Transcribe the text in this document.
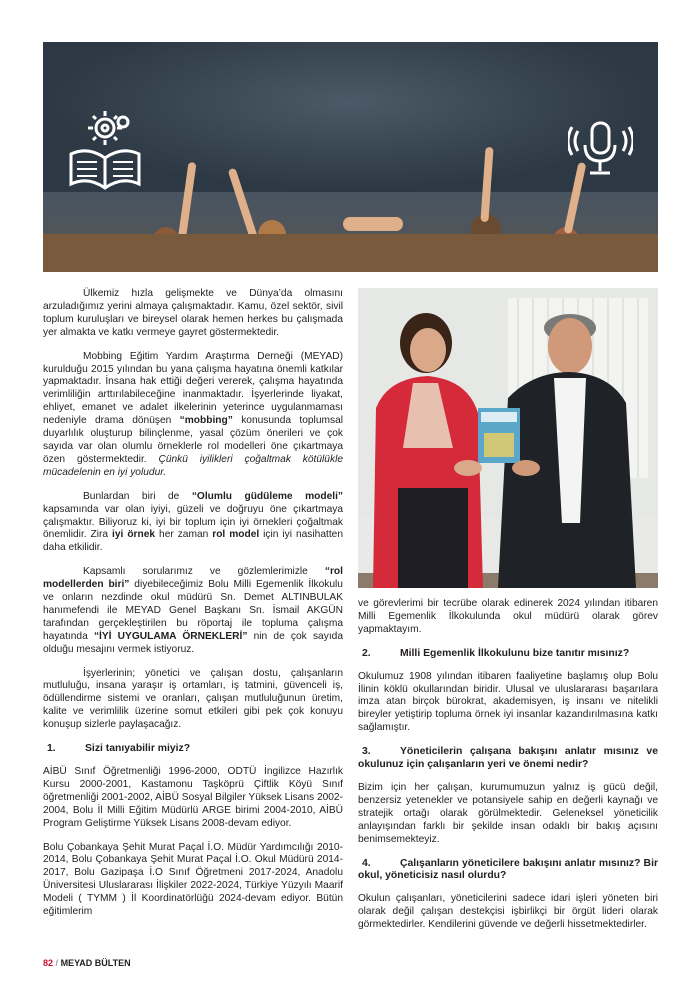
Ülkemiz hızla gelişmekte ve Dünya’da olmasını arzuladığımız yerini almaya çalışmaktadır. Kamu, özel sektör, sivil toplum kuruluşları ve bireysel olarak hemen herkes bu çalışmada yer almakta ve katkı vermeye gayret göstermektedir.

Mobbing Eğitim Yardım Araştırma Derneği (MEYAD) kurulduğu 2015 yılından bu yana çalışma hayatına önemli katkılar yapmaktadır. İnsana hak ettiği değeri vererek, çalışma hayatında verimliliğin arttırılabileceğine inanmaktadır. İşyerlerinde liyakat, ehliyet, emanet ve adalet ilkelerinin yeterince uygulanmaması nedeniyle drama dönüşen “mobbing” konusunda toplumsal duyarlılık oluşturup bilinçlenme, yasal çözüm önerileri ve çok sayıda var olan olumlu örneklerle rol modelleri öne çıkartmaya özen göstermektedir. Çünkü iyilikleri çoğaltmak kötülükle mücadelenin en iyi yoludur.

Bunlardan biri de “Olumlu güdüleme modeli” kapsamında var olan iyiyi, güzeli ve doğruyu öne çıkartmaya çalışmaktır. Biliyoruz ki, iyi bir toplum için iyi örnekleri çoğaltmak önemlidir. Zira iyi örnek her zaman rol model için iyi nasihatten daha etkilidir.

Kapsamlı sorularımız ve gözlemlerimizle “rol modellerden biri” diyebileceğimiz Bolu Milli Egemenlik İlkokulu ve onların nezdinde okul müdürü Sn. Demet ALTINBULAK hanımefendi ile MEYAD Genel Başkanı Sn. İsmail AKGÜN tarafından gerçekleştirilen bu röportaj ile topluma çalışma hayatında “İYİ UYGULAMA ÖRNEKLERİ” nin de çok sayıda olduğu mesajını vermek istiyoruz.

İşyerlerinin; yönetici ve çalışan dostu, çalışanların mutluluğu, insana yaraşır iş ortamları, iş tatmini, güvenceli iş, ödüllendirme sistemi ve oranları, çalışan mutluluğunun üretim, kalite ve verimlilik üzerine somut etkileri gibi pek çok konuyu konuşup sizlerle paylaşacağız.

1.	Sizi tanıyabilir miyiz?

AİBÜ Sınıf Öğretmenliği 1996-2000, ODTÜ İngilizce Hazırlık Kursu 2000-2001, Kastamonu Taşköprü Çiftlik Köyü Sınıf öğretmenliği 2001-2002, AİBÜ Sosyal Bilgiler Yüksek Lisans 2002-2004, Bolu İl Milli Eğitim Müdürlü ARGE birimi 2004-2010, AİBÜ Program Geliştirme Yüksek Lisans 2008-devam ediyor.

Bolu Çobankaya Şehit Murat Paçal İ.O. Müdür Yardımcılığı 2010-2014, Bolu Çobankaya Şehit Murat Paçal İ.O. Okul Müdürü 2014-2017, Bolu Gazipaşa İ.O Sınıf Öğretmeni 2017-2024, Anadolu Üniversitesi Uluslararası İlişkiler 2022-2024, Türkiye Yüzyılı Maarif Modeli ( TYMM ) İl Koordinatörlüğü 2024-devam ediyor. Bütün eğitimlerim

ve görevlerimi bir tecrübe olarak edinerek 2024 yılından itibaren Milli Egemenlik İlkokulunda okul müdürü olarak görev yapmaktayım.

2.	Milli Egemenlik İlkokulunu bize tanıtır mısınız?

Okulumuz 1908 yılından itibaren faaliyetine başlamış olup Bolu İlinin köklü okullarından biridir. Ulusal ve uluslararası başarılara imza atan birçok bürokrat, akademisyen, iş insanı ve nitelikli bireyler yetiştirip topluma örnek iyi insanlar kazandırılmasına katkı sağlamıştır.

3.	Yöneticilerin çalışana bakışını anlatır mısınız ve okulunuz için çalışanların yeri ve önemi nedir?

Bizim için her çalışan, kurumumuzun yalnız iş gücü değil, benzersiz yetenekler ve potansiyele sahip en değerli kaynağı ve stratejik ortağı olarak görülmektedir. Geleneksel yöneticilik anlayışından farklı bir şekilde insan odaklı bir bakış açısını benimsemekteyiz.

4.	Çalışanların yöneticilere bakışını anlatır mısınız? Bir okul, yöneticisiz nasıl olurdu?

Okulun çalışanları, yöneticilerini sadece idari işleri yöneten biri olarak değil çalışan destekçisi işbirlikçi bir örgüt lideri olarak görmektedirler. Kendilerini güvende ve değerli hissetmektedirler.

82 / MEYAD BÜLTEN
